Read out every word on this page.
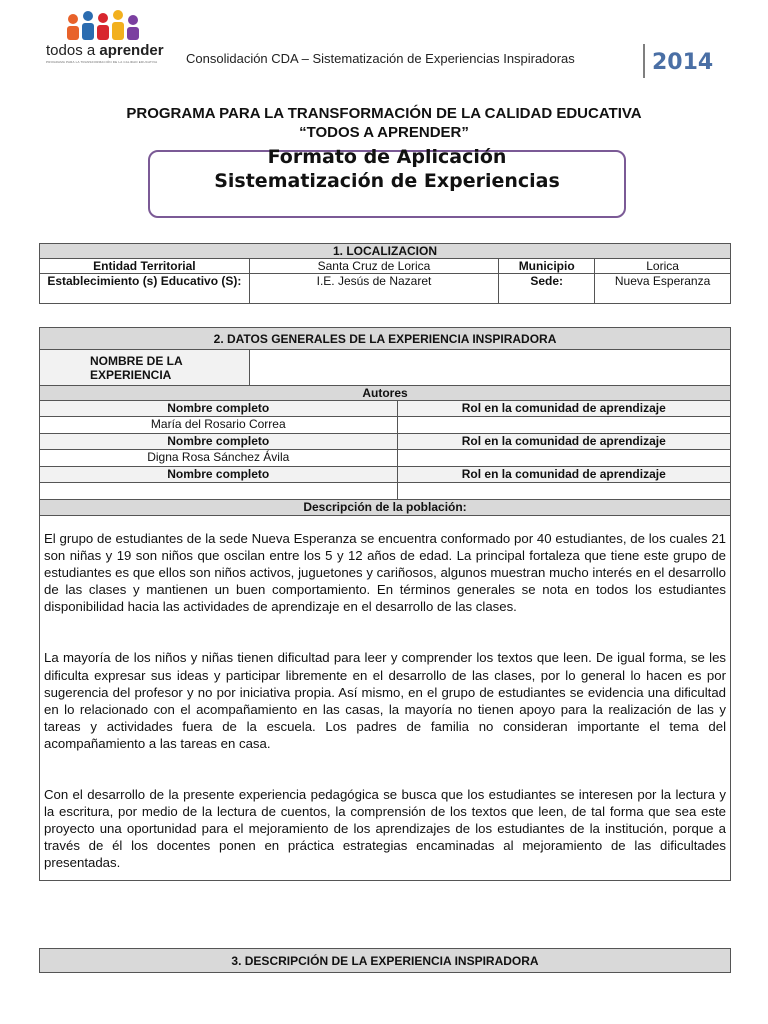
todos a aprender
PROGRAMA PARA LA TRANSFORMACIÓN DE LA CALIDAD EDUCATIVA Consolidación CDA – Sistematización de Experiencias Inspiradoras	2014
PROGRAMA PARA LA TRANSFORMACIÓN DE LA CALIDAD EDUCATIVA
“TODOS A APRENDER”
Formato de Aplicación
Sistematización de Experiencias
1. LOCALIZACION			
Entidad Territorial	Santa Cruz de Lorica	Municipio	Lorica
Establecimiento (s) Educativo (S):	I.E. Jesús de Nazaret	Sede:	Nueva Esperanza
2. DATOS GENERALES DE LA EXPERIENCIA INSPIRADORA		
NOMBRE DE LA EXPERIENCIA		
Autores		
Nombre completo		Rol en la comunidad de aprendizaje
María del Rosario Correa		
Nombre completo		Rol en la comunidad de aprendizaje
Digna Rosa Sánchez Ávila		
Nombre completo		Rol en la comunidad de aprendizaje

Descripción de la población:		

El grupo de estudiantes de la sede Nueva Esperanza se encuentra conformado por 40 estudiantes, de los cuales 21 son niñas y 19 son niños que oscilan entre los 5 y 12 años de edad. La principal fortaleza que tiene este grupo de estudiantes es que ellos son niños activos, juguetones y cariñosos, algunos muestran mucho interés en el desarrollo de las clases y mantienen un buen comportamiento. En términos generales se nota en todos los estudiantes disponibilidad hacia las actividades de aprendizaje en el desarrollo de las clases.

La mayoría de los niños y niñas tienen dificultad para leer y comprender los textos que leen. De igual forma, se les dificulta expresar sus ideas y participar libremente en el desarrollo de las clases, por lo general lo hacen es por sugerencia del profesor y no por iniciativa propia. Así mismo, en el grupo de estudiantes se evidencia una dificultad en lo relacionado con el acompañamiento en las casas, la mayoría no tienen apoyo para la realización de las y tareas y actividades fuera de la escuela. Los padres de familia no consideran importante el tema del acompañamiento a las tareas en casa.

Con el desarrollo de la presente experiencia pedagógica se busca que los estudiantes se interesen por la lectura y la escritura, por medio de la lectura de cuentos, la comprensión de los textos que leen, de tal forma que sea este proyecto una oportunidad para el mejoramiento de los aprendizajes de los estudiantes de la institución, porque a través de él los docentes ponen en práctica estrategias encaminadas al mejoramiento de las dificultades presentadas.		

3. DESCRIPCIÓN DE LA EXPERIENCIA INSPIRADORA
